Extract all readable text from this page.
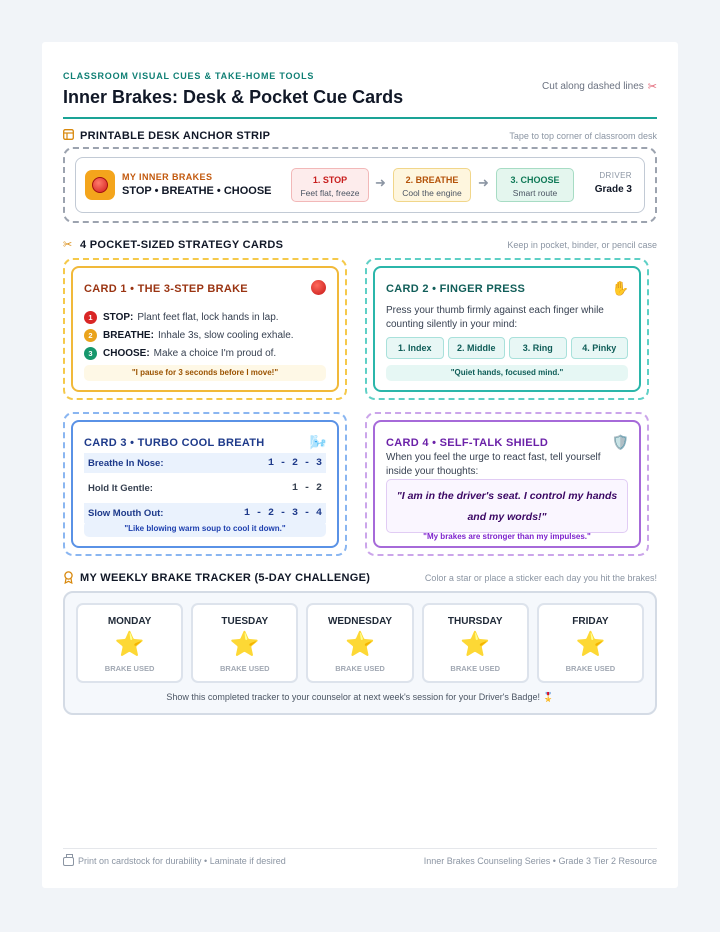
CLASSROOM VISUAL CUES & TAKE-HOME TOOLS
Inner Brakes: Desk & Pocket Cue Cards
Cut along dashed lines ✂
PRINTABLE DESK ANCHOR STRIP	Tape to top corner of classroom desk
MY INNER BRAKES
STOP • BREATHE • CHOOSE
1. STOP
Feet flat, freeze
➜	2. BREATHE
Cool the engine
➜	3. CHOOSE
Smart route
DRIVER
Grade 3
✂ 4 POCKET-SIZED STRATEGY CARDS	Keep in pocket, binder, or pencil case
CARD 1 • THE 3-STEP BRAKE
1	STOP: Plant feet flat, lock hands in lap.
2	BREATHE: Inhale 3s, slow cooling exhale.
3	CHOOSE: Make a choice I'm proud of.
"I pause for 3 seconds before I move!"
CARD 2 • FINGER PRESS	✋
Press your thumb firmly against each finger while counting silently in your mind:
1. Index	2. Middle	3. Ring	4. Pinky
"Quiet hands, focused mind."
CARD 3 • TURBO COOL BREATH	🌬️
Breathe In Nose:	1 - 2 - 3
Hold It Gentle:	1 - 2
Slow Mouth Out:	1 - 2 - 3 - 4
"Like blowing warm soup to cool it down."
CARD 4 • SELF-TALK SHIELD	🛡️
When you feel the urge to react fast, tell yourself inside your thoughts:
"I am in the driver's seat. I control my hands and my words!"
"My brakes are stronger than my impulses."
MY WEEKLY BRAKE TRACKER (5-DAY CHALLENGE)	Color a star or place a sticker each day you hit the brakes!
MONDAY
⭐
BRAKE USED
TUESDAY
⭐
BRAKE USED
WEDNESDAY
⭐
BRAKE USED
THURSDAY
⭐
BRAKE USED
FRIDAY
⭐
BRAKE USED
Show this completed tracker to your counselor at next week's session for your Driver's Badge! 🎖️
Print on cardstock for durability • Laminate if desired	Inner Brakes Counseling Series • Grade 3 Tier 2 Resource
